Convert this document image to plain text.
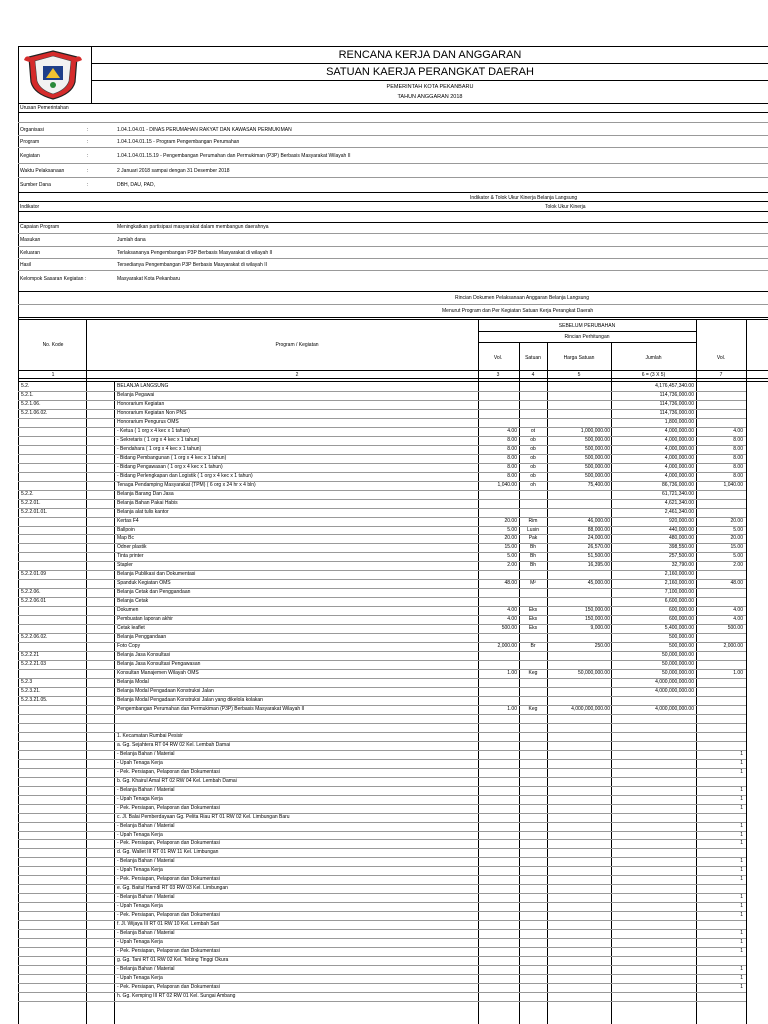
RENCANA KERJA DAN ANGGARAN
SATUAN KAERJA PERANGKAT DAERAH
PEMERINTAH KOTA PEKANBARU
TAHUN ANGGARAN 2018
Urusan Pemerintahan
Organisasi	:	1.04.1.04.01 - DINAS PERUMAHAN RAKYAT DAN KAWASAN PERMUKIMAN
Program	:	1.04.1.04.01.15 - Program Pengembangan Perumahan
Kegiatan	:	1.04.1.04.01.15.19 - Pengembangan Perumahan dan Permukiman (P3P) Berbasis Masyarakat Wilayah II
Waktu Pelaksanaan	:	2 Januari 2018 sampai dengan 31 Desember 2018
Sumber Dana	:	DBH, DAU, PAD,
Indikator & Tolok Ukur Kinerja Belanja Langsung
Indikator	Tolok Ukur Kinerja
Capaian Program	Meningkatkan partisipasi masyarakat dalam membangun daerahnya
Masukan	Jumlah dana
Keluaran	Terlaksananya Pengembangan P3P Berbasis Masyarakat di wilayah II
Hasil	Tersedianya Pengembangan P3P Berbasis Masyarakat di wilayah II
Kelompok Sasaran Kegiatan :	Masyarakat Kota Pekanbaru
Rincian Dokumen Pelaksanaan Anggaran Belanja Langsung
Menurut Program dan Per Kegiatan Satuan Kerja Perangkat Daerah
No. Kode	Program / Kegiatan
SEBELUM PERUBAHAN
Rincian Perhitungan
Vol.	Satuan	Harga Satuan	Jumlah	Vol.
1	2	3	4	5	6 = (3 X 5)	7
5.2.	BELANJA LANGSUNG	4,176,457,340.00
5.2.1.	Belanja Pegawai	114,736,000.00
5.2.1.06.	Honorarium Kegiatan	114,736,000.00
5.2.1.06.02.	Honorarium Kegiatan Non PNS	114,736,000.00
Honorarium Pengurus OMS	1,800,000.00
- Ketua ( 1 org x 4 kec x 1 tahun)	4.00	ot	1,000,000.00	4,000,000.00	4.00
- Sekretaris ( 1 org x 4 kec x 1 tahun)	8.00	ob	500,000.00	4,000,000.00	8.00
- Bendahara ( 1 org x 4 kec x 1 tahun)	8.00	ob	500,000.00	4,000,000.00	8.00
- Bidang Pembangunan ( 1 org x 4 kec x 1 tahun)	8.00	ob	500,000.00	4,000,000.00	8.00
- Bidang Pengawasan ( 1 org x 4 kec x 1 tahun)	8.00	ob	500,000.00	4,000,000.00	8.00
- Bidang Perlengkapan dan Logistik ( 1 org x 4 kec x 1 tahun)	8.00	ob	500,000.00	4,000,000.00	8.00
Tenaga Pendamping Masyarakat (TPM) ( 6 org x 24 hr x 4 bln)	1,040.00	oh	75,400.00	86,736,000.00	1,040.00
5.2.2.	Belanja Barang Dan Jasa	61,721,340.00
5.2.2.01.	Belanja Bahan Pakai Habis	4,621,340.00
5.2.2.01.01.	Belanja alat tulis kantor	2,461,340.00
Kertas F4	20.00	Rim	46,000.00	920,000.00	20.00
Ballpoin	5.00	Lusin	88,000.00	440,000.00	5.00
Map Bc	20.00	Pak	24,000.00	480,000.00	20.00
Odner plastik	15.00	Bh	26,570.00	398,550.00	15.00
Tinta printer	5.00	Bh	51,500.00	257,500.00	5.00
Stapler	2.00	Bh	16,395.00	32,790.00	2.00
5.2.2.01.09	Belanja Publikasi dan Dokumentasi	2,160,000.00
Spanduk Kegiatan OMS	48.00	M²	45,000.00	2,160,000.00	48.00
5.2.2.06.	Belanja Cetak dan Penggandaan	7,100,000.00
5.2.2.06.01	Belanja Cetak	6,600,000.00
Dokumen	4.00	Eks	150,000.00	600,000.00	4.00
Pembuatan laporan akhir	4.00	Eks	150,000.00	600,000.00	4.00
Cetak leaflet	500.00	Eks	9,000.00	5,400,000.00	500.00
5.2.2.06.02.	Belanja Penggandaan	500,000.00
Foto Copy	2,000.00	Br	250.00	500,000.00	2,000.00
5.2.2.21	Belanja Jasa Konsultasi	50,000,000.00
5.2.2.21.03	Belanja Jasa Konsultasi Pengawasan	50,000,000.00
Konsultan Manajemen Wilayah OMS	1.00	Keg	50,000,000.00	50,000,000.00	1.00
5.2.3	Belanja Modal	4,000,000,000.00
5.2.3.21.	Belanja Modal Pengadaan Konstruksi Jalan	4,000,000,000.00
5.2.3.21.05.	Belanja Modal Pengadaan Konstruksi Jalan yang dikelola kolakan
Pengembangan Perumahan dan Permukiman (P3P) Berbasis Masyarakat Wilayah II	1.00	Keg	4,000,000,000.00	4,000,000,000.00
1. Kecamatan Rumbai Pesisir
a. Gg. Sejahtera RT 04 RW 02 Kel. Lembah Damai
- Belanja Bahan / Material	1
- Upah Tenaga Kerja	1
- Pek. Persiapan, Pelaporan dan Dokumentasi	1
b. Gg. Khairul Amal RT 02 RW 04 Kel. Lembah Damai
- Belanja Bahan / Material	1
- Upah Tenaga Kerja	1
- Pek. Persiapan, Pelaporan dan Dokumentasi	1
c. Jl. Balai Pemberdayaan Gg. Pelita Riau RT 01 RW 02 Kel. Limbungan Baru
- Belanja Bahan / Material	1
- Upah Tenaga Kerja	1
- Pek. Persiapan, Pelaporan dan Dokumentasi	1
d. Gg. Wallet III RT 01 RW 11 Kel. Limbungan
- Belanja Bahan / Material	1
- Upah Tenaga Kerja	1
- Pek. Persiapan, Pelaporan dan Dokumentasi	1
e. Gg. Baitul Hamdi RT 03 RW 03 Kel. Limbungan
- Belanja Bahan / Material	1
- Upah Tenaga Kerja	1
- Pek. Persiapan, Pelaporan dan Dokumentasi	1
f. Jl. Wijaya III RT 01 RW 10 Kel. Lembah Sari
- Belanja Bahan / Material	1
- Upah Tenaga Kerja	1
- Pek. Persiapan, Pelaporan dan Dokumentasi	1
g. Gg. Tani RT 01 RW 02 Kel. Tebing Tinggi Okura
- Belanja Bahan / Material	1
- Upah Tenaga Kerja	1
- Pek. Persiapan, Pelaporan dan Dokumentasi	1
h. Gg. Kemping III RT 02 RW 01 Kel. Sungai Ambang
